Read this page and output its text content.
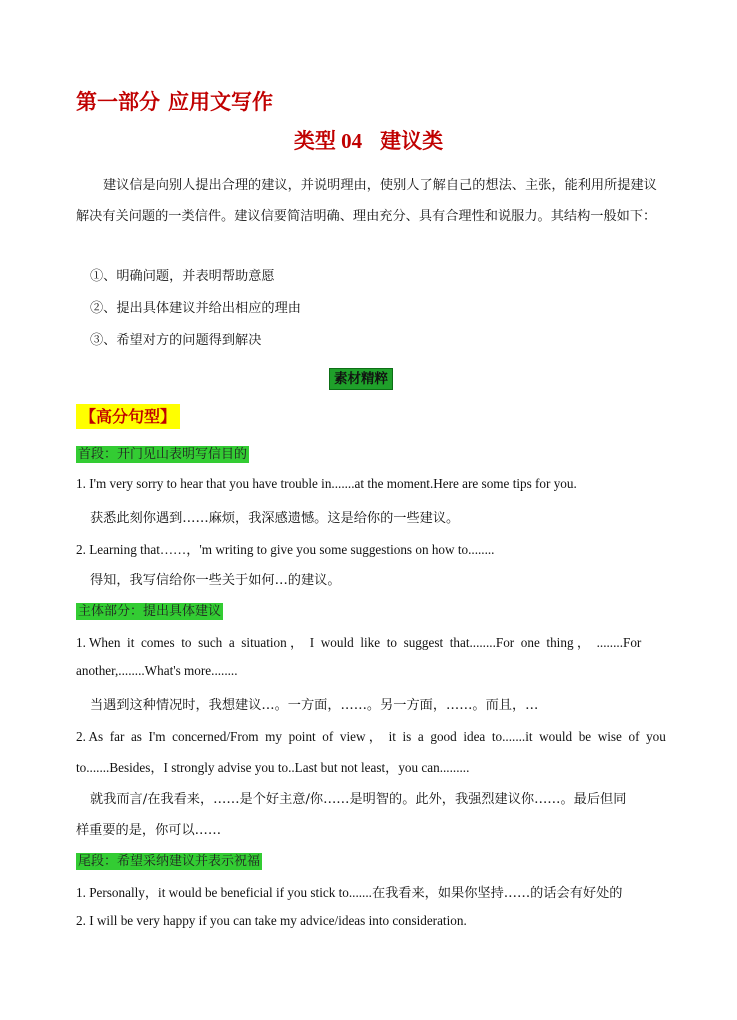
第一部分 应用文写作
类型 04 建议类
建议信是向别人提出合理的建议，并说明理由，使别人了解自己的想法、主张，能利用所提建议解决有关问题的一类信件。建议信要简洁明确、理由充分、具有合理性和说服力。其结构一般如下：
①、明确问题，并表明帮助意愿
②、提出具体建议并给出相应的理由
③、希望对方的问题得到解决
素材精粹
【高分句型】
首段：开门见山表明写信目的
1. I'm very sorry to hear that you have trouble in.......at the moment.Here are some tips for you.
获悉此刻你遇到……麻烦，我深感遗憾。这是给你的一些建议。
2. Learning that……，'m writing to give you some suggestions on how to........
得知，我写信给你一些关于如何…的建议。
主体部分：提出具体建议
1. When  it  comes  to  such  a  situation ，  I  would  like  to  suggest  that........For  one  thing ，  ........For
another,........What's more........
当遇到这种情况时，我想建议…。一方面，……。另一方面，……。而且，…
2. As  far  as  I'm  concerned/From  my  point  of  view ，  it  is  a  good  idea  to.......it  would  be  wise  of  you
to.......Besides，I strongly advise you to..Last but not least，you can.........
就我而言/在我看来，……是个好主意/你……是明智的。此外，我强烈建议你……。最后但同
样重要的是，你可以……
尾段：希望采纳建议并表示祝福
1. Personally，it would be beneficial if you stick to.......在我看来，如果你坚持……的话会有好处的
2. I will be very happy if you can take my advice/ideas into consideration.
